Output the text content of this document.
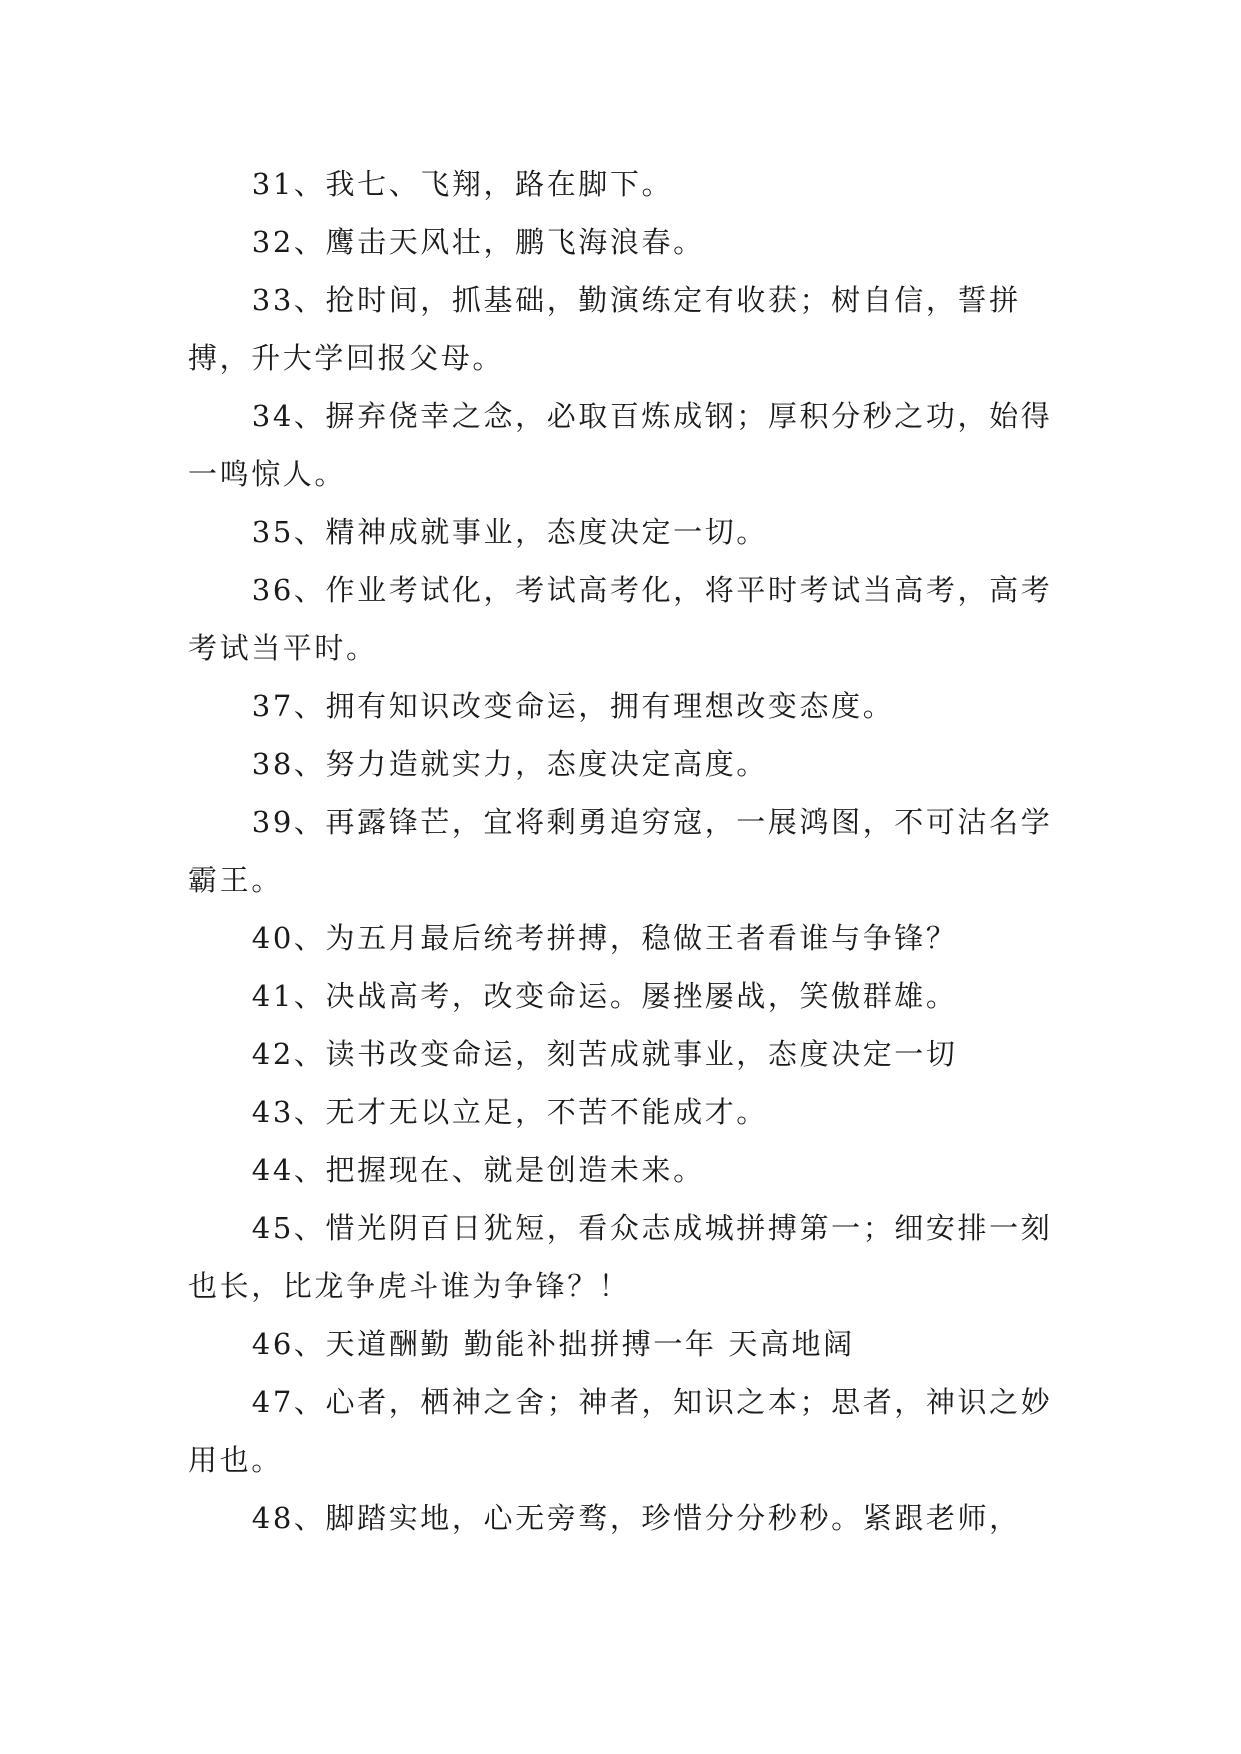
31、我七、飞翔，路在脚下。

32、鹰击天风壮，鹏飞海浪春。

33、抢时间，抓基础，勤演练定有收获；树自信，誓拼搏，升大学回报父母。

34、摒弃侥幸之念，必取百炼成钢；厚积分秒之功，始得一鸣惊人。

35、精神成就事业，态度决定一切。

36、作业考试化，考试高考化，将平时考试当高考，高考考试当平时。

37、拥有知识改变命运，拥有理想改变态度。

38、努力造就实力，态度决定高度。

39、再露锋芒，宜将剩勇追穷寇，一展鸿图，不可沽名学霸王。

40、为五月最后统考拼搏，稳做王者看谁与争锋？

41、决战高考，改变命运。屡挫屡战，笑傲群雄。

42、读书改变命运，刻苦成就事业，态度决定一切

43、无才无以立足，不苦不能成才。

44、把握现在、就是创造未来。

45、惜光阴百日犹短，看众志成城拼搏第一；细安排一刻也长，比龙争虎斗谁为争锋？！

46、天道酬勤 勤能补拙拼搏一年 天高地阔

47、心者，栖神之舍；神者，知识之本；思者，神识之妙用也。

48、脚踏实地，心无旁骛，珍惜分分秒秒。紧跟老师，
